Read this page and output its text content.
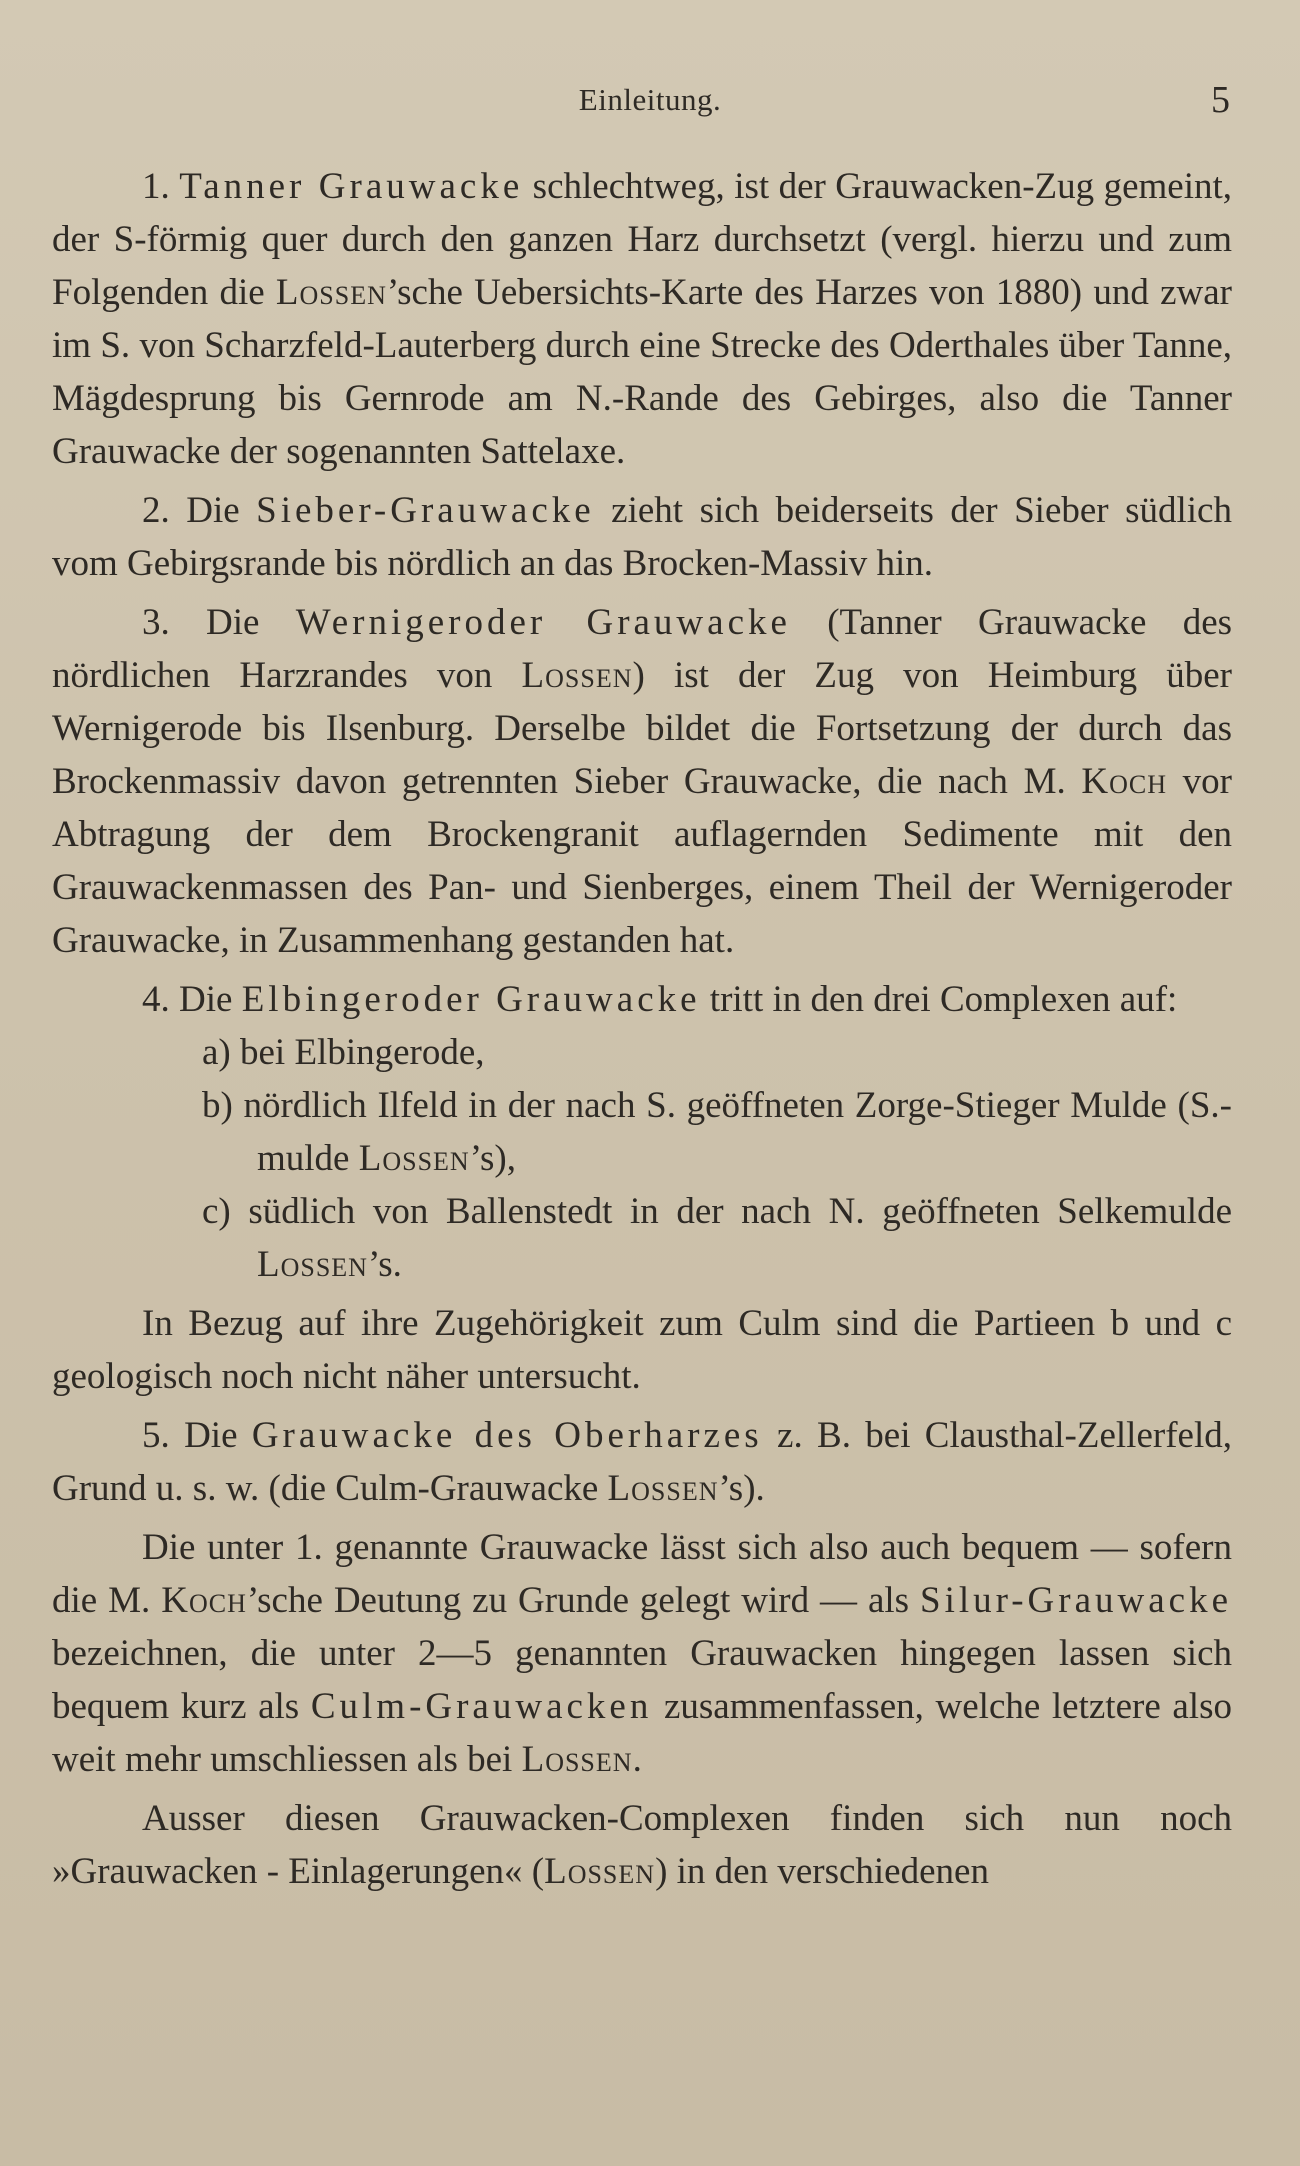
Einleitung.	5

1. Tanner Grauwacke schlechtweg, ist der Grauwacken-Zug gemeint, der S-förmig quer durch den ganzen Harz durchsetzt (vergl. hierzu und zum Folgenden die Lossen’sche Uebersichts-Karte des Harzes von 1880) und zwar im S. von Scharzfeld-Lauterberg durch eine Strecke des Oderthales über Tanne, Mägdesprung bis Gernrode am N.-Rande des Gebirges, also die Tanner Grauwacke der sogenannten Sattelaxe.

2. Die Sieber-Grauwacke zieht sich beiderseits der Sieber südlich vom Gebirgsrande bis nördlich an das Brocken-Massiv hin.

3. Die Wernigeroder Grauwacke (Tanner Grauwacke des nördlichen Harzrandes von Lossen) ist der Zug von Heimburg über Wernigerode bis Ilsenburg. Derselbe bildet die Fortsetzung der durch das Brockenmassiv davon getrennten Sieber Grauwacke, die nach M. Koch vor Abtragung der dem Brockengranit auflagernden Sedimente mit den Grauwackenmassen des Pan- und Sienberges, einem Theil der Wernigeroder Grauwacke, in Zusammenhang gestanden hat.

4. Die Elbingeroder Grauwacke tritt in den drei Complexen auf:

a) bei Elbingerode,

b) nördlich Ilfeld in der nach S. geöffneten Zorge-Stieger Mulde (S.-mulde Lossen’s),

c) südlich von Ballenstedt in der nach N. geöffneten Selkemulde Lossen’s.

In Bezug auf ihre Zugehörigkeit zum Culm sind die Partieen b und c geologisch noch nicht näher untersucht.

5. Die Grauwacke des Oberharzes z. B. bei Clausthal-Zellerfeld, Grund u. s. w. (die Culm-Grauwacke Lossen’s).

Die unter 1. genannte Grauwacke lässt sich also auch bequem — sofern die M. Koch’sche Deutung zu Grunde gelegt wird — als Silur-Grauwacke bezeichnen, die unter 2—5 genannten Grauwacken hingegen lassen sich bequem kurz als Culm-Grauwacken zusammenfassen, welche letztere also weit mehr umschliessen als bei Lossen.

Ausser diesen Grauwacken-Complexen finden sich nun noch »Grauwacken - Einlagerungen« (Lossen) in den verschiedenen
